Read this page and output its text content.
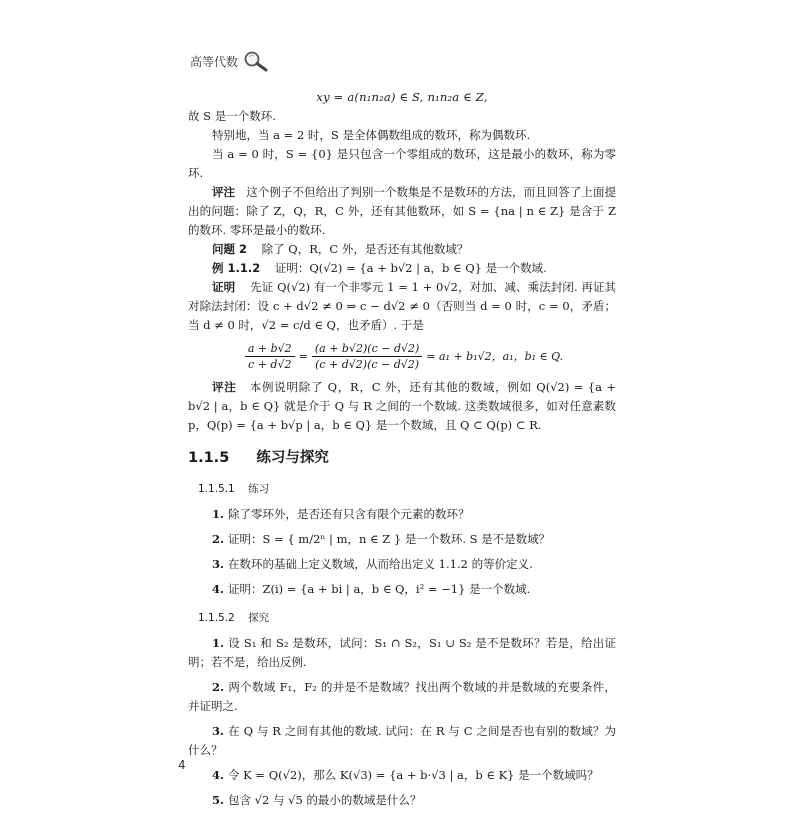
高等代数

xy = a(n₁n₂a) ∈ S, n₁n₂a ∈ Z,

故 S 是一个数环.

特别地，当 a = 2 时，S 是全体偶数组成的数环，称为偶数环.

当 a = 0 时，S = {0} 是只包含一个零组成的数环，这是最小的数环，称为零环.

评注 这个例子不但给出了判别一个数集是不是数环的方法，而且回答了上面提出的问题：除了 Z，Q，R，C 外，还有其他数环，如 S = {na | n ∈ Z} 是含于 Z 的数环. 零环是最小的数环.

问题 2 除了 Q，R，C 外，是否还有其他数域？

例 1.1.2 证明：Q(√2) = {a + b√2 | a，b ∈ Q} 是一个数域.

证明 先证 Q(√2) 有一个非零元 1 = 1 + 0√2，对加、减、乘法封闭. 再证其对除法封闭：设 c + d√2 ≠ 0 ⇒ c − d√2 ≠ 0（否则当 d = 0 时，c = 0，矛盾；当 d ≠ 0 时，√2 = c/d ∈ Q，也矛盾）. 于是

$\frac{a + b√2}{c + d√2} = \frac{(a + b√2)(c - d√2)}{(c + d√2)(c - d√2)} = a_1 + b_1√2$，a₁，b₁ ∈ Q.

评注 本例说明除了 Q，R，C 外，还有其他的数域，例如 Q(√2) = {a + b√2 | a，b ∈ Q} 就是介于 Q 与 R 之间的一个数域. 这类数域很多，如对任意素数 p，Q(p) = {a + b√p | a，b ∈ Q} 是一个数域，且 Q ⊂ Q(p) ⊂ R.

1.1.5 练习与探究
1.1.5.1 练习

1. 除了零环外，是否还有只含有限个元素的数环？

2. 证明：S = { m/2ⁿ | m，n ∈ Z } 是一个数环. S 是不是数域？

3. 在数环的基础上定义数域，从而给出定义 1.1.2 的等价定义.

4. 证明：Z(i) = {a + bi | a，b ∈ Q，i² = −1} 是一个数域.

1.1.5.2 探究

1. 设 S₁ 和 S₂ 是数环，试问：S₁ ∩ S₂，S₁ ∪ S₂ 是不是数环？若是，给出证明；若不是，给出反例.

2. 两个数域 F₁，F₂ 的并是不是数域？找出两个数域的并是数域的充要条件，并证明之.

3. 在 Q 与 R 之间有其他的数域. 试问：在 R 与 C 之间是否也有别的数域？为什么？

4. 令 K = Q(√2)，那么 K(√3) = {a + b·√3 | a，b ∈ K} 是一个数域吗？

5. 包含 √2 与 √5 的最小的数域是什么？

4
